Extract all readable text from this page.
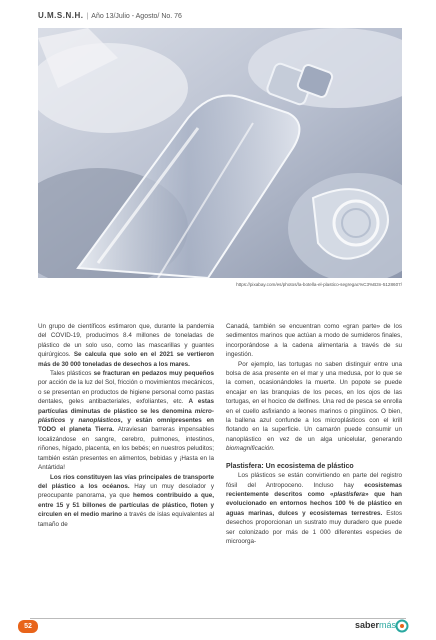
U.M.S.N.H. | Año 13/Julio - Agosto/ No. 76
https://pixabay.com/es/photos/la-botella-el-plastico-segregac%C3%B3n-5128607/

Un grupo de científicos estimaron que, durante la pandemia del COVID-19, producimos 8.4 millones de toneladas de plástico de un solo uso, como las mascarillas y guantes quirúrgicos. Se calcula que solo en el 2021 se vertieron más de 30 000 toneladas de desechos a los mares.

Tales plásticos se fracturan en pedazos muy pequeños por acción de la luz del Sol, fricción o movimientos mecánicos, o se presentan en productos de higiene personal como pastas dentales, geles antibacteriales, exfoliantes, etc. A estas partículas diminutas de plástico se les denomina microplásticos y nanoplásticos, y están omnipresentes en TODO el planeta Tierra. Atraviesan barreras impensables localizándose en sangre, cerebro, pulmones, intestinos, riñones, hígado, placenta, en los bebés; en nuestros peluditos; también están presentes en alimentos, bebidas y ¡Hasta en la Antártida!

Los ríos constituyen las vías principales de transporte del plástico a los océanos. Hay un muy desolador y preocupante panorama, ya que hemos contribuido a que, entre 15 y 51 billones de partículas de plástico, floten y circulen en el medio marino a través de islas equivalentes al tamaño de

Canadá, también se encuentran como «gran parte» de los sedimentos marinos que actúan a modo de sumideros finales, incorporándose a la cadena alimentaria a través de su ingestión.

Por ejemplo, las tortugas no saben distinguir entre una bolsa de asa presente en el mar y una medusa, por lo que se la comen, ocasionándoles la muerte. Un popote se puede encajar en las branquias de los peces, en los ojos de las tortugas, en el hocico de delfines. Una red de pesca se enrolla en el cuello asfixiando a leones marinos o pingüinos. O bien, la ballena azul confunde a los microplásticos con el krill flotando en la superficie. Un camarón puede consumir un nanoplástico en vez de un alga unicelular, generando biomagnificación.

Plastisfera: Un ecosistema de plástico

Los plásticos se están convirtiendo en parte del registro fósil del Antropoceno. Incluso hay ecosistemas recientemente descritos como «plastisfera» que han evolucionado en entornos hechos 100 % de plástico en aguas marinas, dulces y ecosistemas terrestres. Estos desechos proporcionan un sustrato muy duradero que puede ser colonizado por más de 1 000 diferentes especies de microorga-

52	sabermás
